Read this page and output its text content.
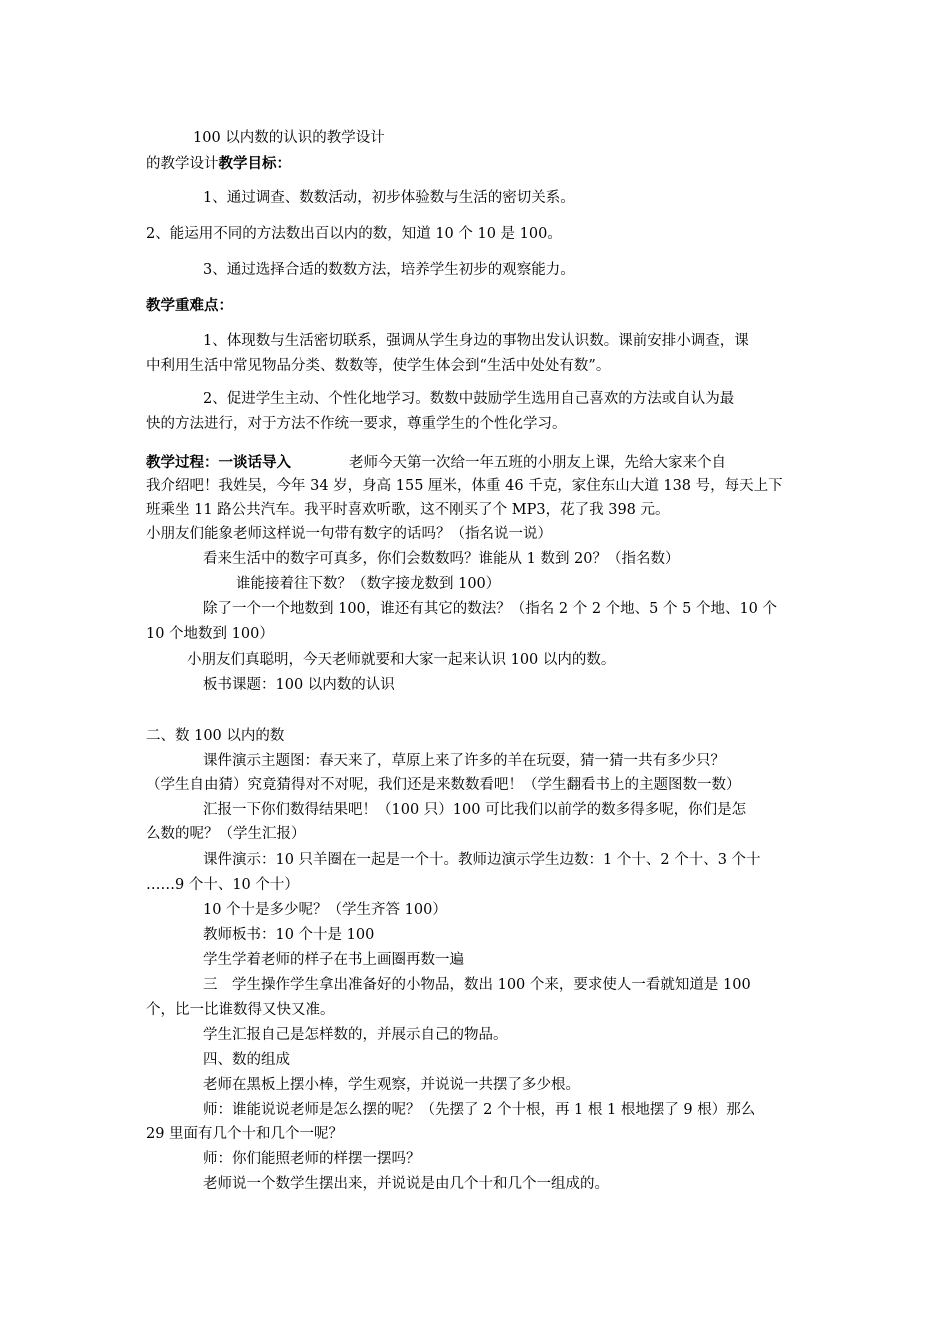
100 以内数的认识的教学设计
的教学设计教学目标：
1、通过调查、数数活动，初步体验数与生活的密切关系。
2、能运用不同的方法数出百以内的数，知道 10 个 10 是 100。
3、通过选择合适的数数方法，培养学生初步的观察能力。
教学重难点：
1、体现数与生活密切联系，强调从学生身边的事物出发认识数。课前安排小调查，课
中利用生活中常见物品分类、数数等，使学生体会到“生活中处处有数”。
2、促进学生主动、个性化地学习。数数中鼓励学生选用自己喜欢的方法或自认为最
快的方法进行，对于方法不作统一要求，尊重学生的个性化学习。
教学过程：一谈话导入	老师今天第一次给一年五班的小朋友上课，先给大家来个自
我介绍吧！我姓吴，今年 34 岁，身高 155 厘米，体重 46 千克，家住东山大道 138 号，每天上下
班乘坐 11 路公共汽车。我平时喜欢听歌，这不刚买了个 MP3，花了我 398 元。
小朋友们能象老师这样说一句带有数字的话吗？（指名说一说）
看来生活中的数字可真多，你们会数数吗？谁能从 1 数到 20？（指名数）
谁能接着往下数？（数字接龙数到 100）
除了一个一个地数到 100，谁还有其它的数法？（指名 2 个 2 个地、5 个 5 个地、10 个
10 个地数到 100）
小朋友们真聪明，今天老师就要和大家一起来认识 100 以内的数。
板书课题：100 以内数的认识
二、数 100 以内的数
课件演示主题图：春天来了，草原上来了许多的羊在玩耍，猜一猜一共有多少只？
（学生自由猜）究竟猜得对不对呢，我们还是来数数看吧！（学生翻看书上的主题图数一数）
汇报一下你们数得结果吧！（100 只）100 可比我们以前学的数多得多呢，你们是怎
么数的呢？（学生汇报）
课件演示：10 只羊圈在一起是一个十。教师边演示学生边数：1 个十、2 个十、3 个十
……9 个十、10 个十）
10 个十是多少呢？（学生齐答 100）
教师板书：10 个十是 100
学生学着老师的样子在书上画圈再数一遍
三　学生操作学生拿出准备好的小物品，数出 100 个来，要求使人一看就知道是 100
个，比一比谁数得又快又准。
学生汇报自己是怎样数的，并展示自己的物品。
四、数的组成
老师在黑板上摆小棒，学生观察，并说说一共摆了多少根。
师：谁能说说老师是怎么摆的呢？（先摆了 2 个十根，再 1 根 1 根地摆了 9 根）那么
29 里面有几个十和几个一呢？
师：你们能照老师的样摆一摆吗？
老师说一个数学生摆出来，并说说是由几个十和几个一组成的。
